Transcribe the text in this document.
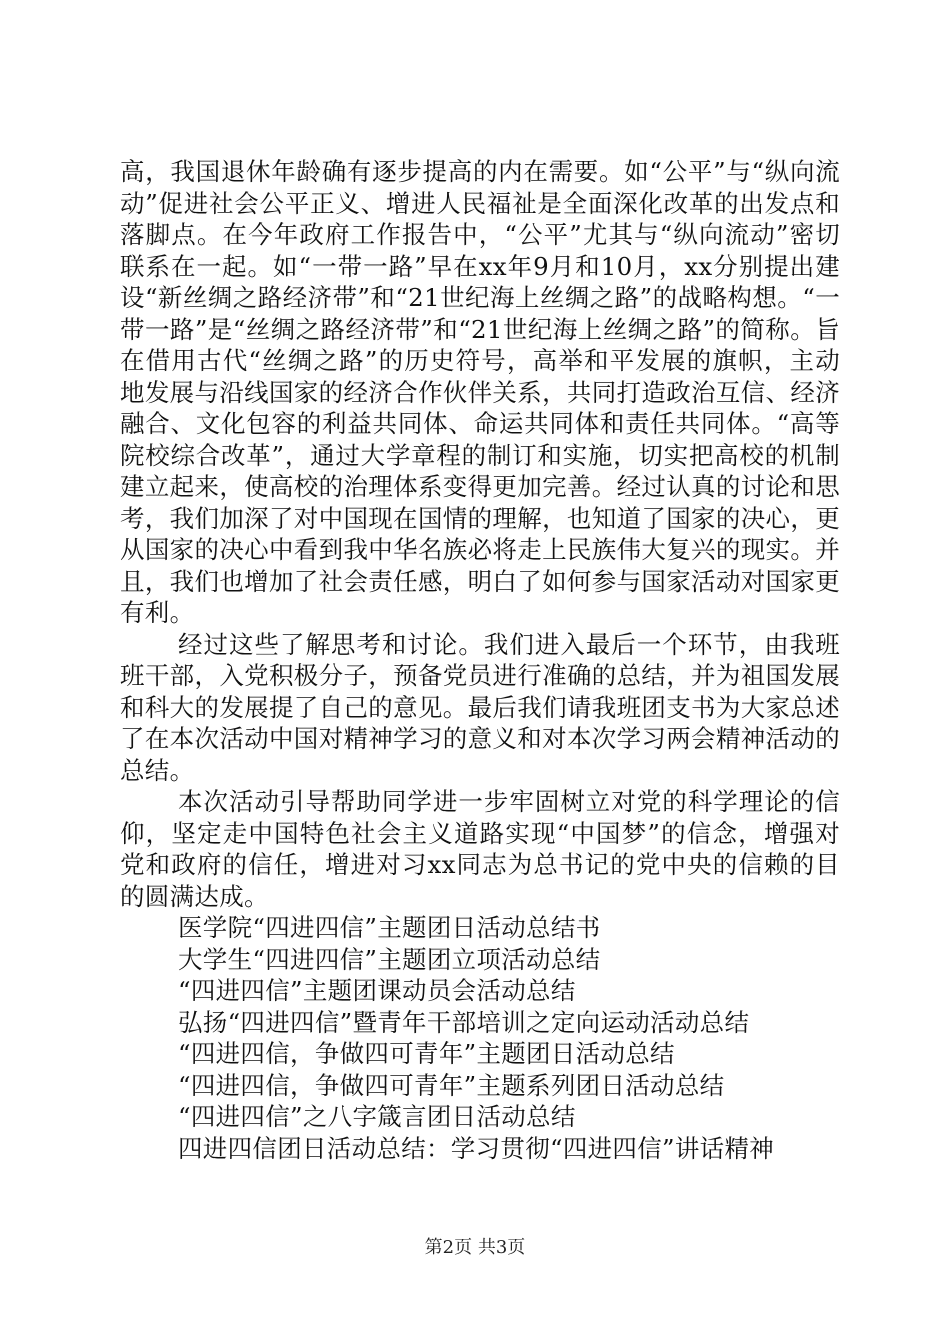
高，我国退休年龄确有逐步提高的内在需要。如“公平”与“纵向流动”促进社会公平正义、增进人民福祉是全面深化改革的出发点和落脚点。在今年政府工作报告中，“公平”尤其与“纵向流动”密切联系在一起。如“一带一路”早在xx年9月和10月，xx分别提出建设“新丝绸之路经济带”和“21世纪海上丝绸之路”的战略构想。“一带一路”是“丝绸之路经济带”和“21世纪海上丝绸之路”的简称。旨在借用古代“丝绸之路”的历史符号，高举和平发展的旗帜，主动地发展与沿线国家的经济合作伙伴关系，共同打造政治互信、经济融合、文化包容的利益共同体、命运共同体和责任共同体。“高等院校综合改革”，通过大学章程的制订和实施，切实把高校的机制建立起来，使高校的治理体系变得更加完善。经过认真的讨论和思考，我们加深了对中国现在国情的理解，也知道了国家的决心，更从国家的决心中看到我中华名族必将走上民族伟大复兴的现实。并且，我们也增加了社会责任感，明白了如何参与国家活动对国家更有利。

经过这些了解思考和讨论。我们进入最后一个环节，由我班班干部，入党积极分子，预备党员进行准确的总结，并为祖国发展和科大的发展提了自己的意见。最后我们请我班团支书为大家总述了在本次活动中国对精神学习的意义和对本次学习两会精神活动的总结。

本次活动引导帮助同学进一步牢固树立对党的科学理论的信仰，坚定走中国特色社会主义道路实现“中国梦”的信念，增强对党和政府的信任，增进对习xx同志为总书记的党中央的信赖的目的圆满达成。

医学院“四进四信”主题团日活动总结书
大学生“四进四信”主题团立项活动总结
“四进四信”主题团课动员会活动总结
弘扬“四进四信”暨青年干部培训之定向运动活动总结
“四进四信，争做四可青年”主题团日活动总结
“四进四信，争做四可青年”主题系列团日活动总结
“四进四信”之八字箴言团日活动总结
四进四信团日活动总结：学习贯彻“四进四信”讲话精神
第2页 共3页
